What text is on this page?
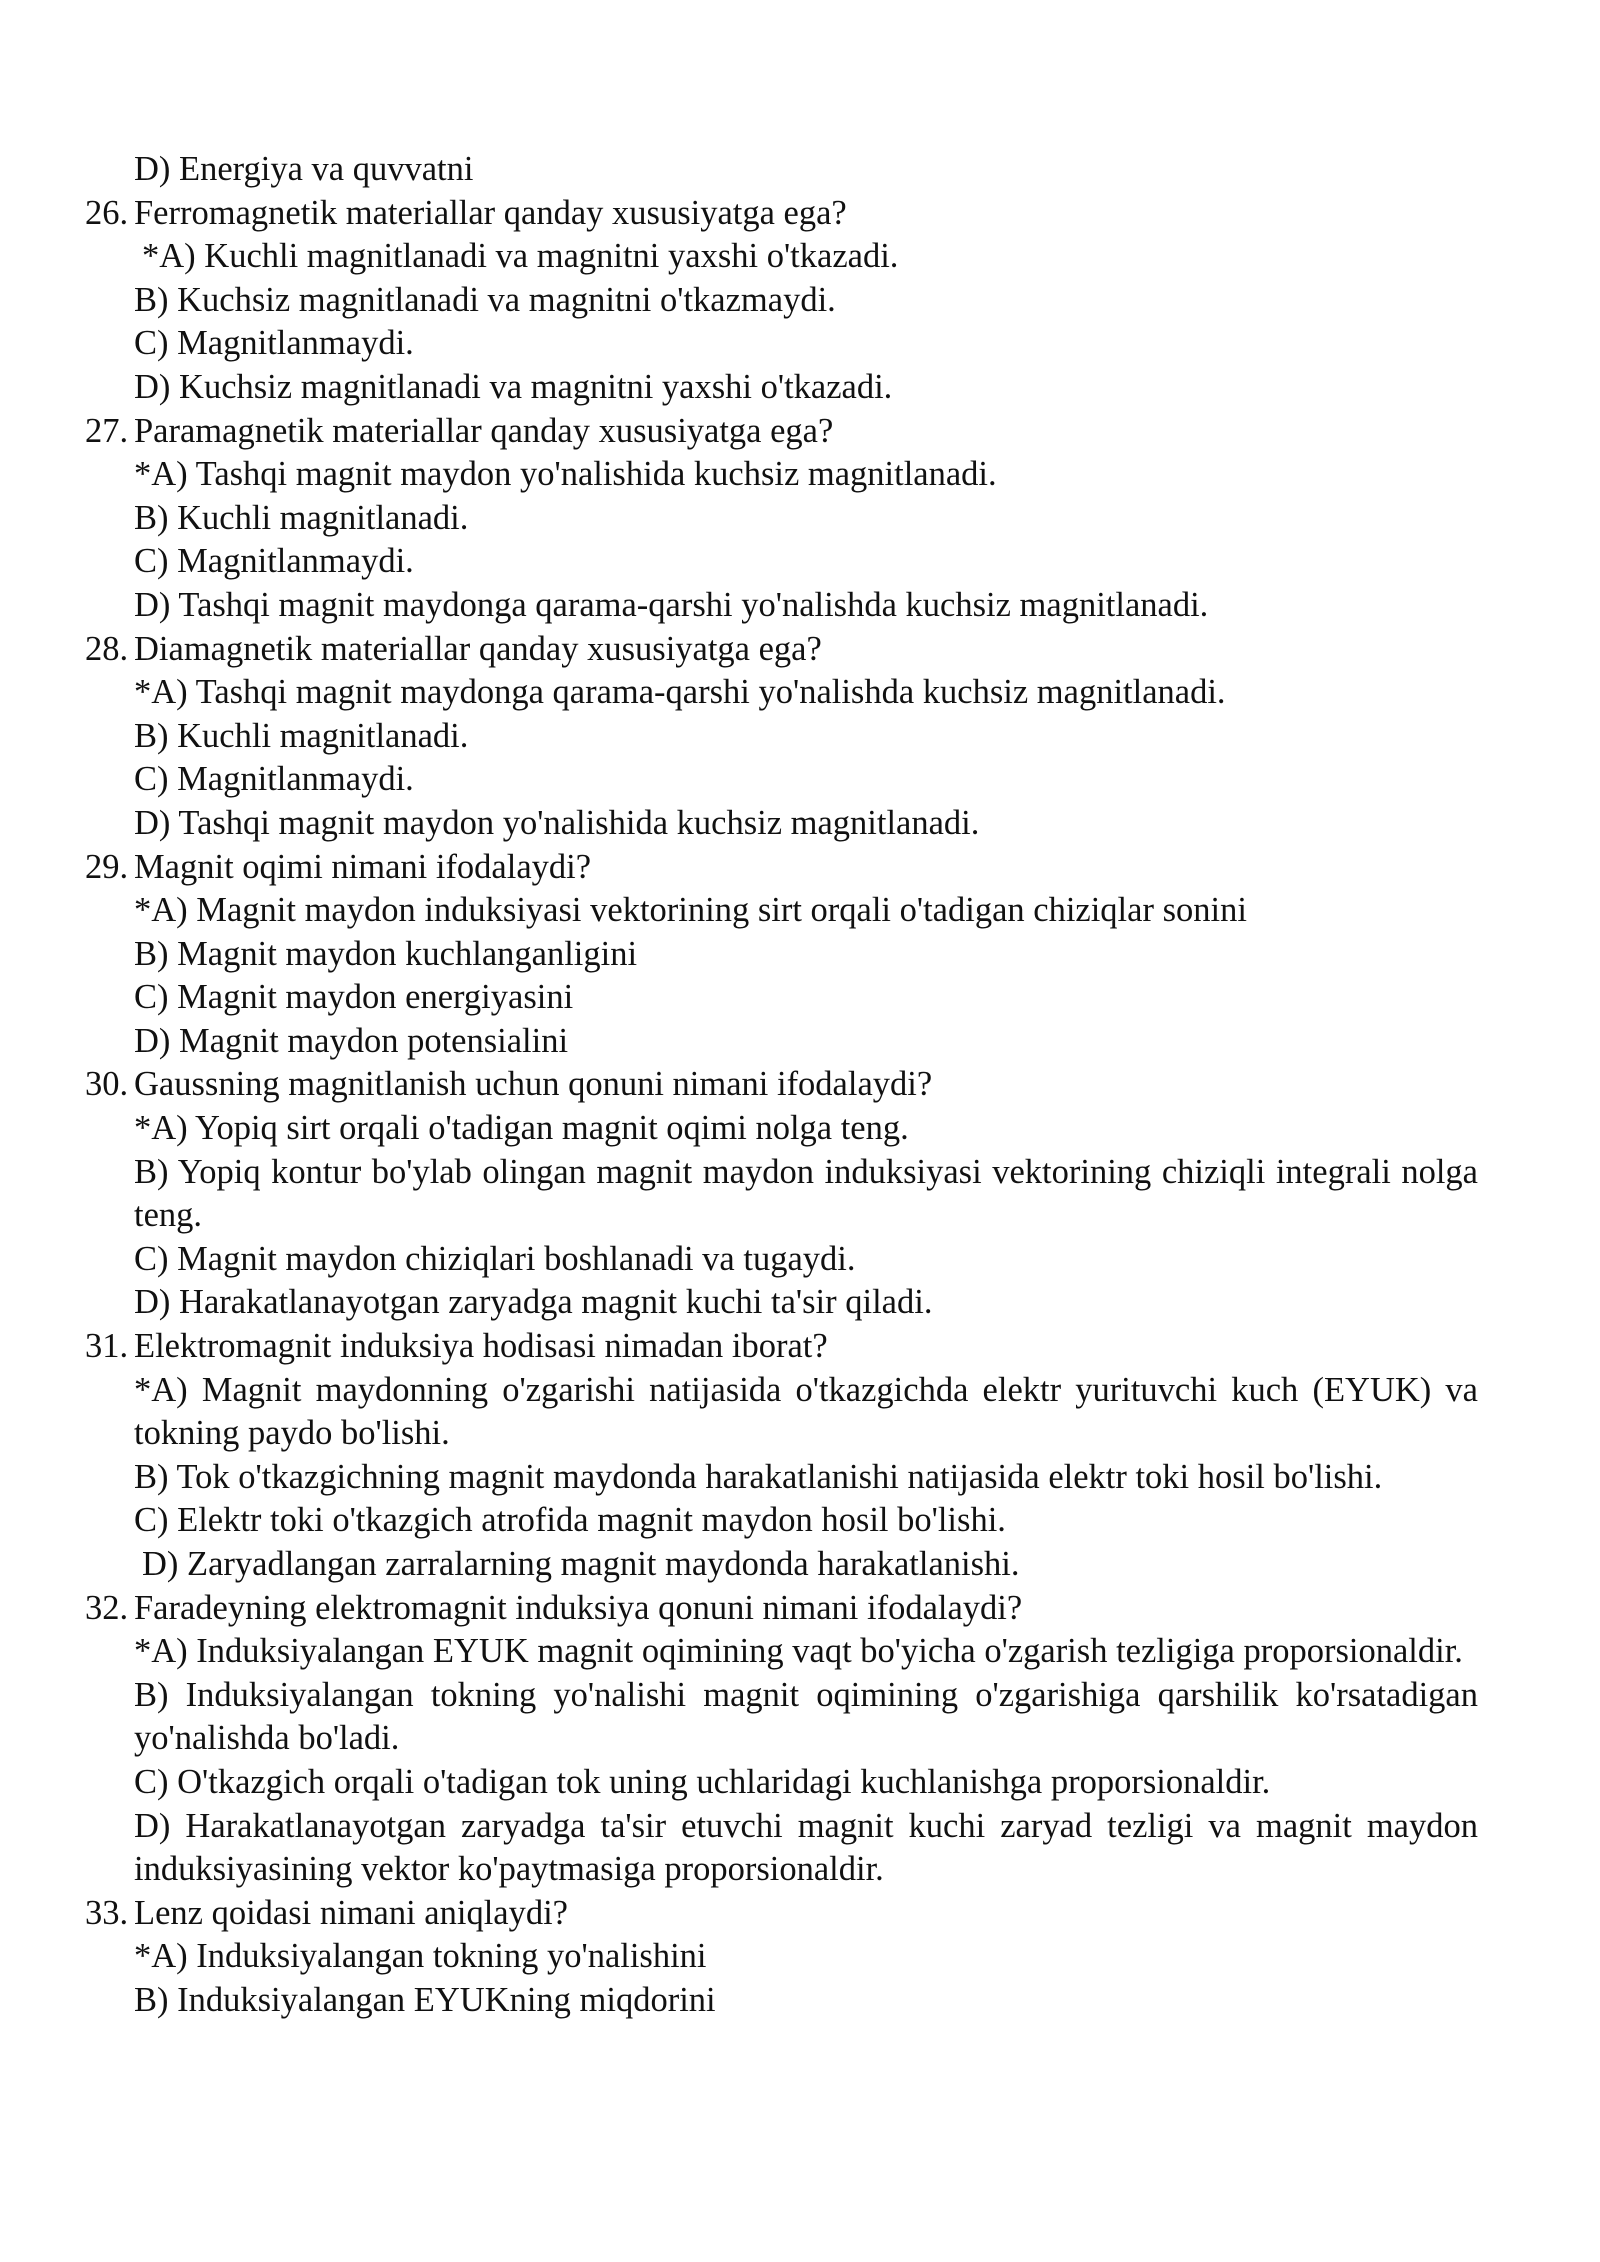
D) Energiya va quvvatni
26. Ferromagnetik materiallar qanday xususiyatga ega?
*A) Kuchli magnitlanadi va magnitni yaxshi o'tkazadi.
B) Kuchsiz magnitlanadi va magnitni o'tkazmaydi.
C) Magnitlanmaydi.
D) Kuchsiz magnitlanadi va magnitni yaxshi o'tkazadi.
27. Paramagnetik materiallar qanday xususiyatga ega?
*A) Tashqi magnit maydon yo'nalishida kuchsiz magnitlanadi.
B) Kuchli magnitlanadi.
C) Magnitlanmaydi.
D) Tashqi magnit maydonga qarama-qarshi yo'nalishda kuchsiz magnitlanadi.
28. Diamagnetik materiallar qanday xususiyatga ega?
*A) Tashqi magnit maydonga qarama-qarshi yo'nalishda kuchsiz magnitlanadi.
B) Kuchli magnitlanadi.
C) Magnitlanmaydi.
D) Tashqi magnit maydon yo'nalishida kuchsiz magnitlanadi.
29. Magnit oqimi nimani ifodalaydi?
*A) Magnit maydon induksiyasi vektorining sirt orqali o'tadigan chiziqlar sonini
B) Magnit maydon kuchlanganligini
C) Magnit maydon energiyasini
D) Magnit maydon potensialini
30. Gaussning magnitlanish uchun qonuni nimani ifodalaydi?
*A) Yopiq sirt orqali o'tadigan magnit oqimi nolga teng.
B) Yopiq kontur bo'ylab olingan magnit maydon induksiyasi vektorining chiziqli integrali nolga teng.
C) Magnit maydon chiziqlari boshlanadi va tugaydi.
D) Harakatlanayotgan zaryadga magnit kuchi ta'sir qiladi.
31. Elektromagnit induksiya hodisasi nimadan iborat?
*A) Magnit maydonning o'zgarishi natijasida o'tkazgichda elektr yurituvchi kuch (EYUK) va tokning paydo bo'lishi.
B) Tok o'tkazgichning magnit maydonda harakatlanishi natijasida elektr toki hosil bo'lishi.
C) Elektr toki o'tkazgich atrofida magnit maydon hosil bo'lishi.
D) Zaryadlangan zarralarning magnit maydonda harakatlanishi.
32. Faradeyning elektromagnit induksiya qonuni nimani ifodalaydi?
*A) Induksiyalangan EYUK magnit oqimining vaqt bo'yicha o'zgarish tezligiga proporsionaldir.
B) Induksiyalangan tokning yo'nalishi magnit oqimining o'zgarishiga qarshilik ko'rsatadigan yo'nalishda bo'ladi.
C) O'tkazgich orqali o'tadigan tok uning uchlaridagi kuchlanishga proporsionaldir.
D) Harakatlanayotgan zaryadga ta'sir etuvchi magnit kuchi zaryad tezligi va magnit maydon induksiyasining vektor ko'paytmasiga proporsionaldir.
33. Lenz qoidasi nimani aniqlaydi?
*A) Induksiyalangan tokning yo'nalishini
B) Induksiyalangan EYUKning miqdorini
